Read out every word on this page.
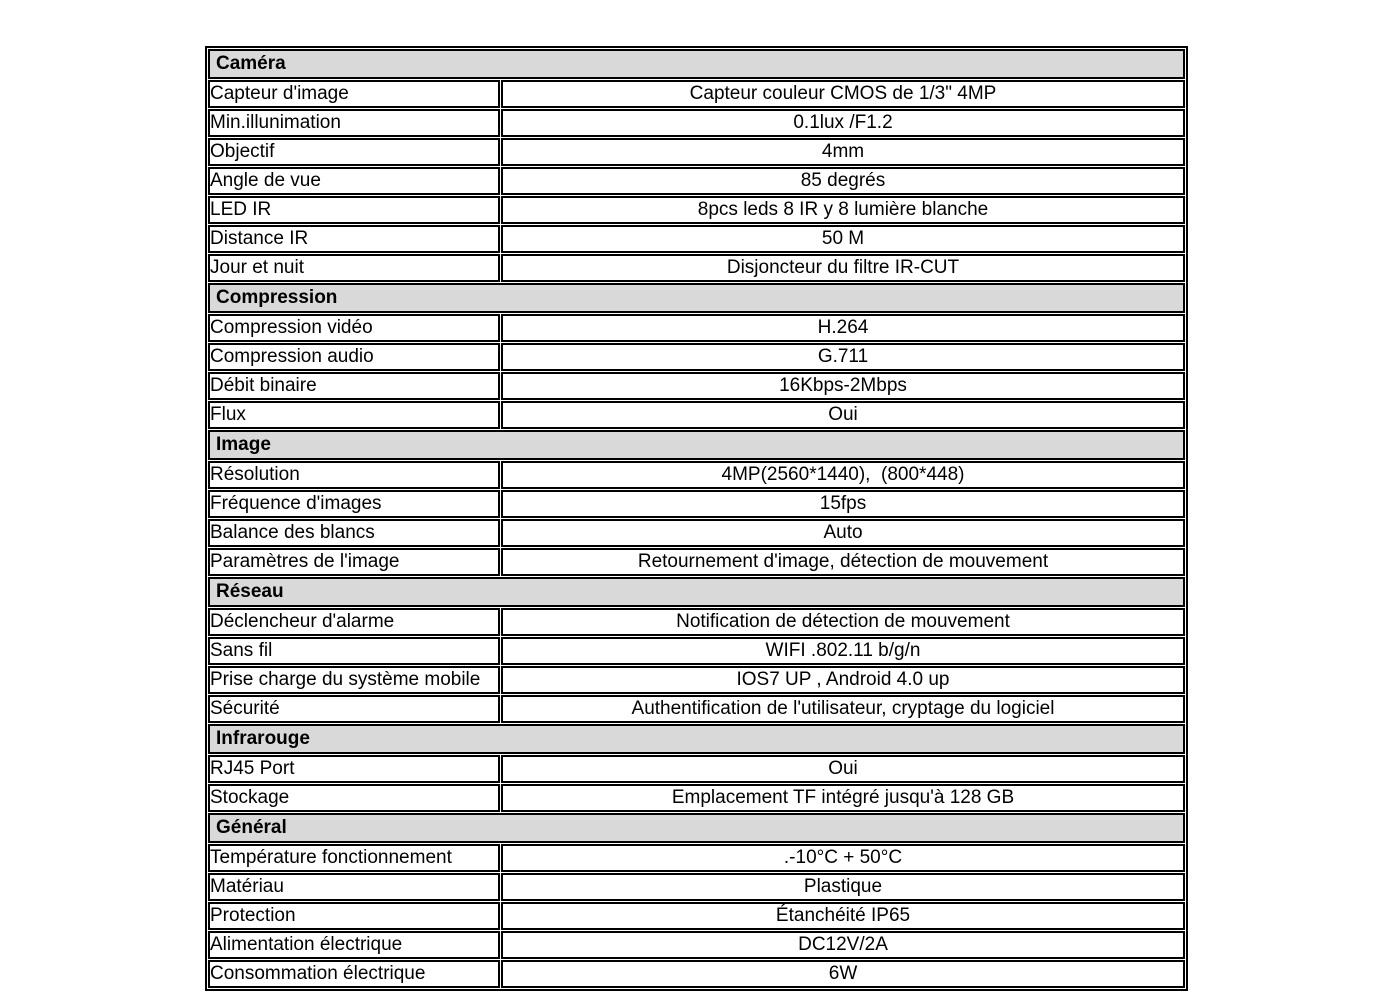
Caméra	
Capteur d'image	Capteur couleur CMOS de 1/3" 4MP
Min.illunimation	0.1lux /F1.2
Objectif	4mm
Angle de vue	85 degrés
LED IR	8pcs leds 8 IR y 8 lumière blanche
Distance IR	50 M
Jour et nuit	Disjoncteur du filtre IR-CUT
Compression	
Compression vidéo	H.264
Compression audio	G.711
Débit binaire	16Kbps-2Mbps
Flux	Oui
Image	
Résolution	4MP(2560*1440),  (800*448)
Fréquence d'images	15fps
Balance des blancs	Auto
Paramètres de l'image	Retournement d'image, détection de mouvement
Réseau	
Déclencheur d'alarme	Notification de détection de mouvement
Sans fil	WIFI .802.11 b/g/n
Prise charge du système mobile	IOS7 UP , Android 4.0 up
Sécurité	Authentification de l'utilisateur, cryptage du logiciel
Infrarouge	
RJ45 Port	Oui
Stockage	Emplacement TF intégré jusqu'à 128 GB
Général	
Température fonctionnement	.-10°C + 50°C
Matériau	Plastique
Protection	Étanchéité IP65
Alimentation électrique	DC12V/2A
Consommation électrique	6W
